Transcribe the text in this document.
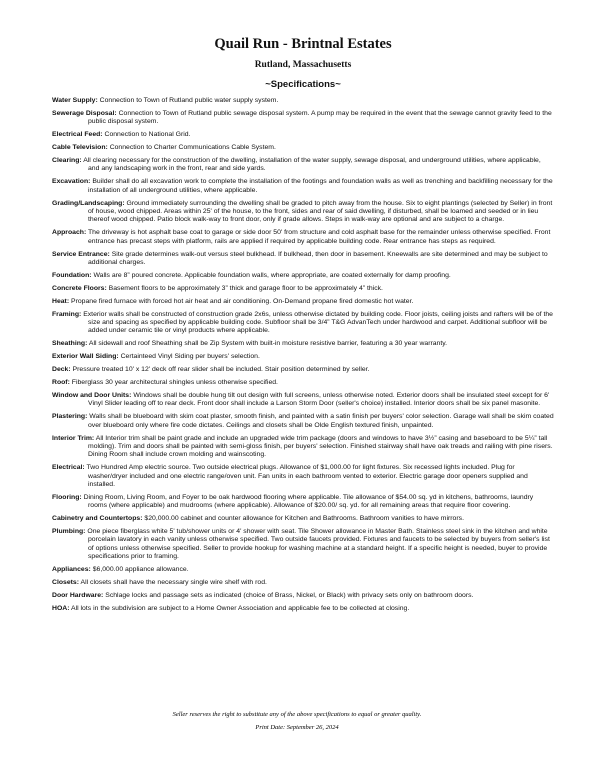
Quail Run - Brintnal Estates
Rutland, Massachusetts
~Specifications~
Water Supply: Connection to Town of Rutland public water supply system.
Sewerage Disposal: Connection to Town of Rutland public sewage disposal system. A pump may be required in the event that the sewage cannot gravity feed to the public disposal system.
Electrical Feed: Connection to National Grid.
Cable Television: Connection to Charter Communications Cable System.
Clearing: All clearing necessary for the construction of the dwelling, installation of the water supply, sewage disposal, and underground utilities, where applicable, and any landscaping work in the front, rear and side yards.
Excavation: Builder shall do all excavation work to complete the installation of the footings and foundation walls as well as trenching and backfilling necessary for the installation of all underground utilities, where applicable.
Grading/Landscaping: Ground immediately surrounding the dwelling shall be graded to pitch away from the house. Six to eight plantings (selected by Seller) in front of house, wood chipped. Areas within 25' of the house, to the front, sides and rear of said dwelling, if disturbed, shall be loamed and seeded or in lieu thereof wood chipped. Patio block walk-way to front door, only if grade allows. Steps in walk-way are optional and are subject to a charge.
Approach: The driveway is hot asphalt base coat to garage or side door 50' from structure and cold asphalt base for the remainder unless otherwise specified. Front entrance has precast steps with platform, rails are applied if required by applicable building code. Rear entrance has steps as required.
Service Entrance: Site grade determines walk-out versus steel bulkhead. If bulkhead, then door in basement. Kneewalls are site determined and may be subject to additional charges.
Foundation: Walls are 8” poured concrete. Applicable foundation walls, where appropriate, are coated externally for damp proofing.
Concrete Floors: Basement floors to be approximately 3” thick and garage floor to be approximately 4” thick.
Heat: Propane fired furnace with forced hot air heat and air conditioning. On-Demand propane fired domestic hot water.
Framing: Exterior walls shall be constructed of construction grade 2x6s, unless otherwise dictated by building code. Floor joists, ceiling joists and rafters will be of the size and spacing as specified by applicable building code. Subfloor shall be 3/4” T&G AdvanTech under hardwood and carpet. Additional subfloor will be added under ceramic tile or vinyl products where applicable.
Sheathing: All sidewall and roof Sheathing shall be Zip System with built-in moisture resistive barrier, featuring a 30 year warranty.
Exterior Wall Siding: Certainteed Vinyl Siding per buyers' selection.
Deck: Pressure treated 10' x 12' deck off rear slider shall be included. Stair position determined by seller.
Roof: Fiberglass 30 year architectural shingles unless otherwise specified.
Window and Door Units: Windows shall be double hung tilt out design with full screens, unless otherwise noted. Exterior doors shall be insulated steel except for 6' Vinyl Slider leading off to rear deck. Front door shall include a Larson Storm Door (seller's choice) installed. Interior doors shall be six panel masonite.
Plastering: Walls shall be blueboard with skim coat plaster, smooth finish, and painted with a satin finish per buyers' color selection. Garage wall shall be skim coated over blueboard only where fire code dictates. Ceilings and closets shall be Olde English textured finish, unpainted.
Interior Trim: All Interior trim shall be paint grade and include an upgraded wide trim package (doors and windows to have 3½” casing and baseboard to be 5¼” tall molding). Trim and doors shall be painted with semi-gloss finish, per buyers' selection. Finished stairway shall have oak treads and railing with pine risers. Dining Room shall include crown molding and wainscoting.
Electrical: Two Hundred Amp electric source. Two outside electrical plugs. Allowance of $1,000.00 for light fixtures. Six recessed lights included. Plug for washer/dryer included and one electric range/oven unit. Fan units in each bathroom vented to exterior. Electric garage door openers supplied and installed.
Flooring: Dining Room, Living Room, and Foyer to be oak hardwood flooring where applicable. Tile allowance of $54.00 sq. yd in kitchens, bathrooms, laundry rooms (where applicable) and mudrooms (where applicable). Allowance of $20.00/ sq. yd. for all remaining areas that require floor covering.
Cabinetry and Countertops: $20,000.00 cabinet and counter allowance for Kitchen and Bathrooms. Bathroom vanities to have mirrors.
Plumbing: One piece fiberglass white 5' tub/shower units or 4' shower with seat. Tile Shower allowance in Master Bath. Stainless steel sink in the kitchen and white porcelain lavatory in each vanity unless otherwise specified. Two outside faucets provided. Fixtures and faucets to be selected by buyers from seller's list of options unless otherwise specified. Seller to provide hookup for washing machine at a standard height. If a specific height is needed, buyer to provide specifications prior to framing.
Appliances: $6,000.00 appliance allowance.
Closets: All closets shall have the necessary single wire shelf with rod.
Door Hardware: Schlage locks and passage sets as indicated (choice of Brass, Nickel, or Black) with privacy sets only on bathroom doors.
HOA: All lots in the subdivision are subject to a Home Owner Association and applicable fee to be collected at closing.
Seller reserves the right to substitute any of the above specifications to equal or greater quality.
Print Date: September 26, 2024
